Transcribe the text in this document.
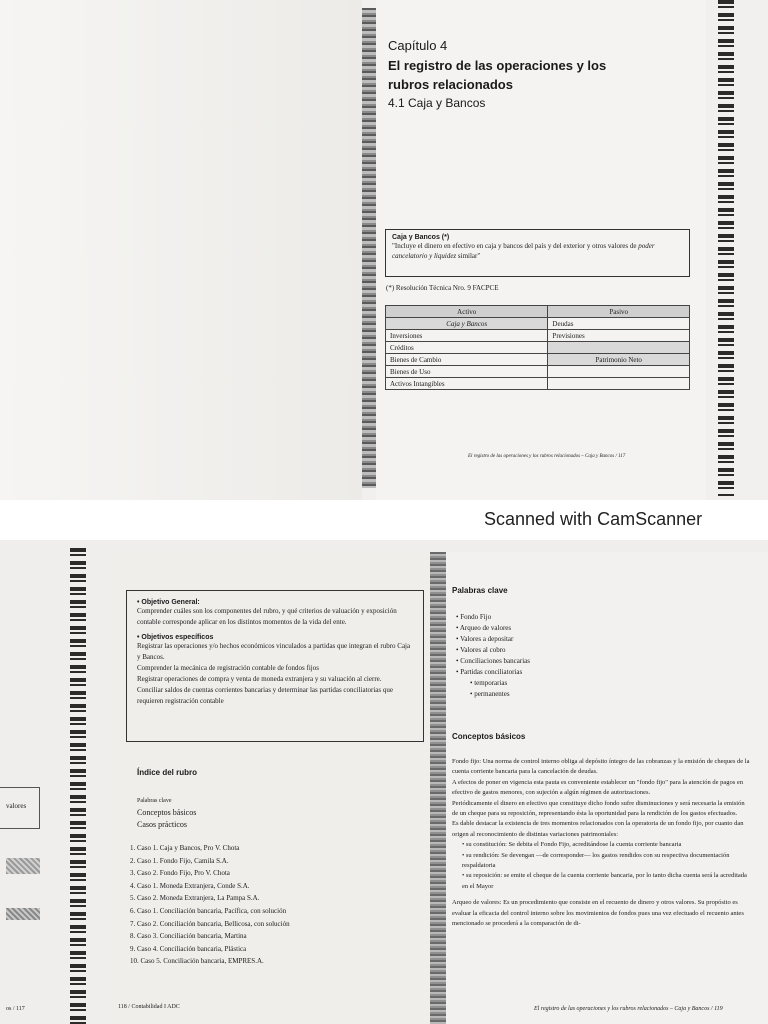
Capítulo 4
El registro de las operaciones y los rubros relacionados
4.1 Caja y Bancos
Caja y Bancos (*)
"Incluye el dinero en efectivo en caja y bancos del país y del exterior y otros valores de poder cancelatorio y liquidez similar"
(*) Resolución Técnica Nro. 9 FACPCE
Activo	Pasivo
Caja y Bancos	Deudas
Inversiones	Previsiones
Créditos	
Bienes de Cambio	Patrimonio Neto
Bienes de Uso	
Activos Intangibles	
El registro de las operaciones y los rubros relacionados – Caja y Bancos / 117
Scanned with CamScanner
valores
os / 117
• Objetivo General:

Comprender cuáles son los componentes del rubro, y qué criterios de valuación y exposición contable corresponde aplicar en los distintos momentos de la vida del ente.

• Objetivos específicos

Registrar las operaciones y/o hechos económicos vinculados a partidas que integran el rubro Caja y Bancos.

Comprender la mecánica de registración contable de fondos fijos

Registrar operaciones de compra y venta de moneda extranjera y su valuación al cierre.

Conciliar saldos de cuentas corrientes bancarias y determinar las partidas conciliatorias que requieren registración contable

Índice del rubro
Palabras clave
Conceptos básicos
Casos prácticos
1. Caso 1. Caja y Bancos, Pro V. Chota
2. Caso 1. Fondo Fijo, Camila S.A.
3. Caso 2. Fondo Fijo, Pro V. Chota
4. Caso 1. Moneda Extranjera, Conde S.A.
5. Caso 2. Moneda Extranjera, La Pampa S.A.
6. Caso 1. Conciliación bancaria, Pacífica, con solución
7. Caso 2. Conciliación bancaria, Bellicosa, con solución
8. Caso 3. Conciliación bancaria, Martina
9. Caso 4. Conciliación bancaria, Plástica
10. Caso 5. Conciliación bancaria, EMPRES.A.
118 / Contabilidad I ADC
Palabras clave
• Fondo Fijo
• Arqueo de valores
• Valores a depositar
• Valores al cobro
• Conciliaciones bancarias
• Partidas conciliatorias
• temporarias
• permanentes
Conceptos básicos

Fondo fijo: Una norma de control interno obliga al depósito íntegro de las cobranzas y la emisión de cheques de la cuenta corriente bancaria para la cancelación de deudas.

A efectos de poner en vigencia esta pauta es conveniente establecer un "fondo fijo" para la atención de pagos en efectivo de gastos menores, con sujeción a algún régimen de autorizaciones.

Periódicamente el dinero en efectivo que constituye dicho fondo sufre disminuciones y será necesaria la emisión de un cheque para su reposición, representando ésta la oportunidad para la rendición de los gastos efectuados.

Es dable destacar la existencia de tres momentos relacionados con la operatoria de un fondo fijo, por cuanto dan origen al reconocimiento de distintas variaciones patrimoniales:

• su constitución: Se debita el Fondo Fijo, acreditándose la cuenta corriente bancaria

• su rendición: Se devengan —de corresponder— los gastos rendidos con su respectiva documentación respaldatoria

• su reposición: se emite el cheque de la cuenta corriente bancaria, por lo tanto dicha cuenta será la acreditada en el Mayor

Arqueo de valores: Es un procedimiento que consiste en el recuento de dinero y otros valores. Su propósito es evaluar la eficacia del control interno sobre los movimientos de fondos pues una vez efectuado el recuento antes mencionado se procederá a la comparación de di-

El registro de las operaciones y los rubros relacionados – Caja y Bancos / 119
